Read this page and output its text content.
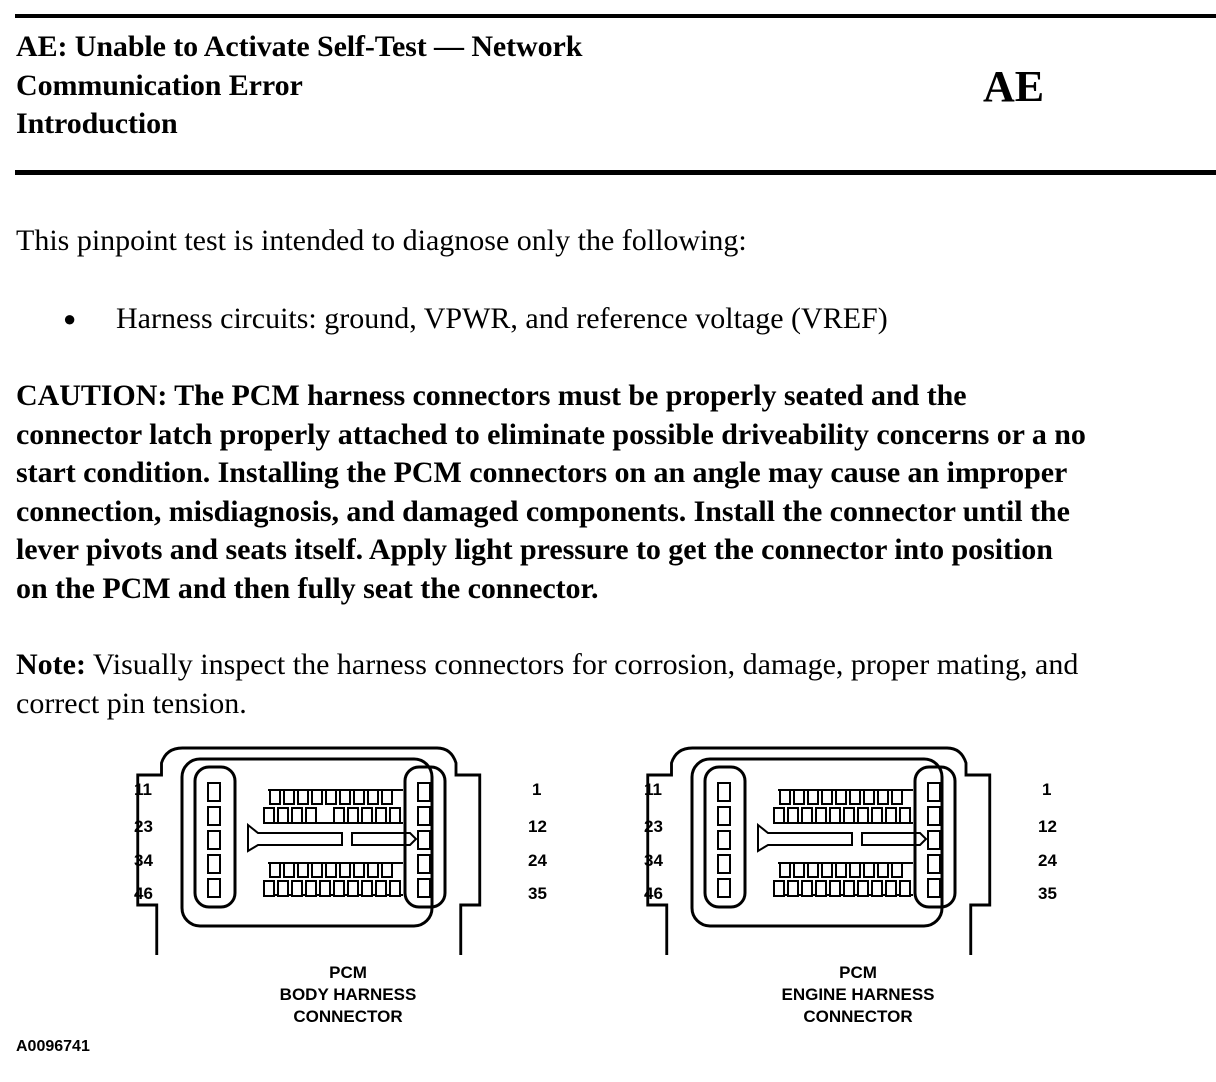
AE: Unable to Activate Self-Test — Network
Communication Error
Introduction
AE
This pinpoint test is intended to diagnose only the following:
● Harness circuits: ground, VPWR, and reference voltage (VREF)
CAUTION: The PCM harness connectors must be properly seated and the
connector latch properly attached to eliminate possible driveability concerns or a no
start condition. Installing the PCM connectors on an angle may cause an improper
connection, misdiagnosis, and damaged components. Install the connector until the
lever pivots and seats itself. Apply light pressure to get the connector into position
on the PCM and then fully seat the connector.
Note: Visually inspect the harness connectors for corrosion, damage, proper mating, and
correct pin tension.
11
23
34
46
1
12
24
35
PCM
BODY HARNESS
CONNECTOR
11
23
34
46
1
12
24
35
PCM
ENGINE HARNESS
CONNECTOR
A0096741
